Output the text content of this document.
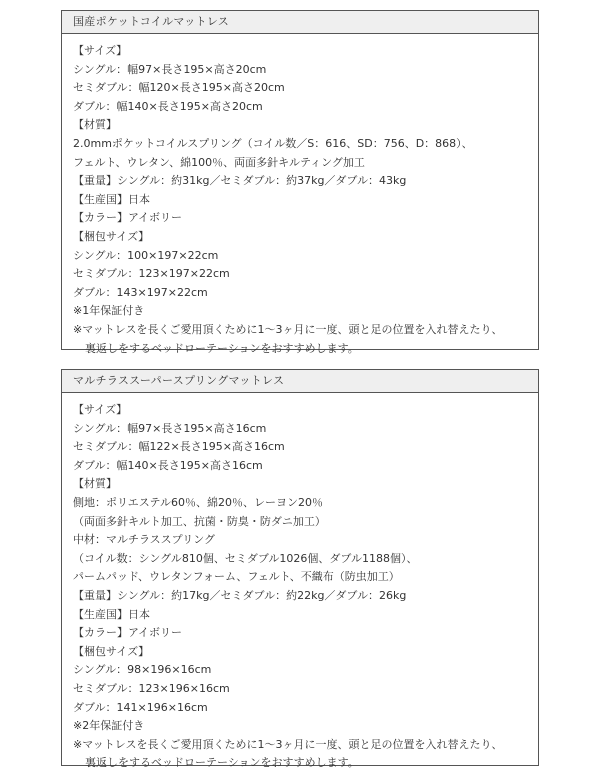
国産ポケットコイルマットレス
【サイズ】
シングル：幅97×長さ195×高さ20cm
セミダブル：幅120×長さ195×高さ20cm
ダブル：幅140×長さ195×高さ20cm
【材質】
2.0mmポケットコイルスプリング（コイル数／S：616、SD：756、D：868）、
フェルト、ウレタン、綿100％、両面多針キルティング加工
【重量】シングル：約31kg／セミダブル：約37kg／ダブル：43kg
【生産国】日本
【カラー】アイボリー
【梱包サイズ】
シングル：100×197×22cm
セミダブル：123×197×22cm
ダブル：143×197×22cm
※1年保証付き
※マットレスを長くご愛用頂くために1～3ヶ月に一度、頭と足の位置を入れ替えたり、
裏返しをするベッドローテーションをおすすめします。
マルチラススーパースプリングマットレス
【サイズ】
シングル：幅97×長さ195×高さ16cm
セミダブル：幅122×長さ195×高さ16cm
ダブル：幅140×長さ195×高さ16cm
【材質】
側地：ポリエステル60％、綿20％、レーヨン20％
（両面多針キルト加工、抗菌・防臭・防ダニ加工）
中材：マルチラススプリング
（コイル数：シングル810個、セミダブル1026個、ダブル1188個）、
パームパッド、ウレタンフォーム、フェルト、不織布（防虫加工）
【重量】シングル：約17kg／セミダブル：約22kg／ダブル：26kg
【生産国】日本
【カラー】アイボリー
【梱包サイズ】
シングル：98×196×16cm
セミダブル：123×196×16cm
ダブル：141×196×16cm
※2年保証付き
※マットレスを長くご愛用頂くために1～3ヶ月に一度、頭と足の位置を入れ替えたり、
裏返しをするベッドローテーションをおすすめします。
